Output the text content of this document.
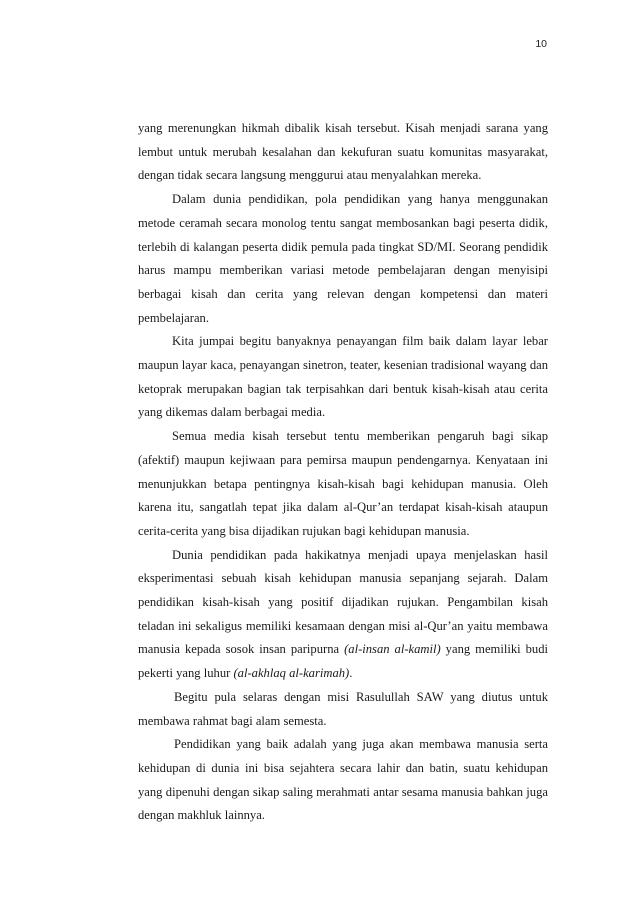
10

yang merenungkan hikmah dibalik kisah tersebut. Kisah menjadi sarana yang lembut untuk merubah kesalahan dan kekufuran suatu komunitas masyarakat, dengan tidak secara langsung menggurui atau menyalahkan mereka.

Dalam dunia pendidikan, pola pendidikan yang hanya menggunakan metode ceramah secara monolog tentu sangat membosankan bagi peserta didik, terlebih di kalangan peserta didik pemula pada tingkat SD/MI. Seorang pendidik harus mampu memberikan variasi metode pembelajaran dengan menyisipi berbagai kisah dan cerita yang relevan dengan kompetensi dan materi pembelajaran.

Kita jumpai begitu banyaknya penayangan film baik dalam layar lebar maupun layar kaca, penayangan sinetron, teater, kesenian tradisional wayang dan ketoprak merupakan bagian tak terpisahkan dari bentuk kisah-kisah atau cerita yang dikemas dalam berbagai media.

Semua media kisah tersebut tentu memberikan pengaruh bagi sikap (afektif) maupun kejiwaan para pemirsa maupun pendengarnya. Kenyataan ini menunjukkan betapa pentingnya kisah-kisah bagi kehidupan manusia. Oleh karena itu, sangatlah tepat jika dalam al-Qur’an terdapat kisah-kisah ataupun cerita-cerita yang bisa dijadikan rujukan bagi kehidupan manusia.

Dunia pendidikan pada hakikatnya menjadi upaya menjelaskan hasil eksperimentasi sebuah kisah kehidupan manusia sepanjang sejarah. Dalam pendidikan kisah-kisah yang positif dijadikan rujukan. Pengambilan kisah teladan ini sekaligus memiliki kesamaan dengan misi al-Qur’an yaitu membawa manusia kepada sosok insan paripurna (al-insan al-kamil) yang memiliki budi pekerti yang luhur (al-akhlaq al-karimah).

Begitu pula selaras dengan misi Rasulullah SAW yang diutus untuk membawa rahmat bagi alam semesta.

Pendidikan yang baik adalah yang juga akan membawa manusia serta kehidupan di dunia ini bisa sejahtera secara lahir dan batin, suatu kehidupan yang dipenuhi dengan sikap saling merahmati antar sesama manusia bahkan juga dengan makhluk lainnya.
